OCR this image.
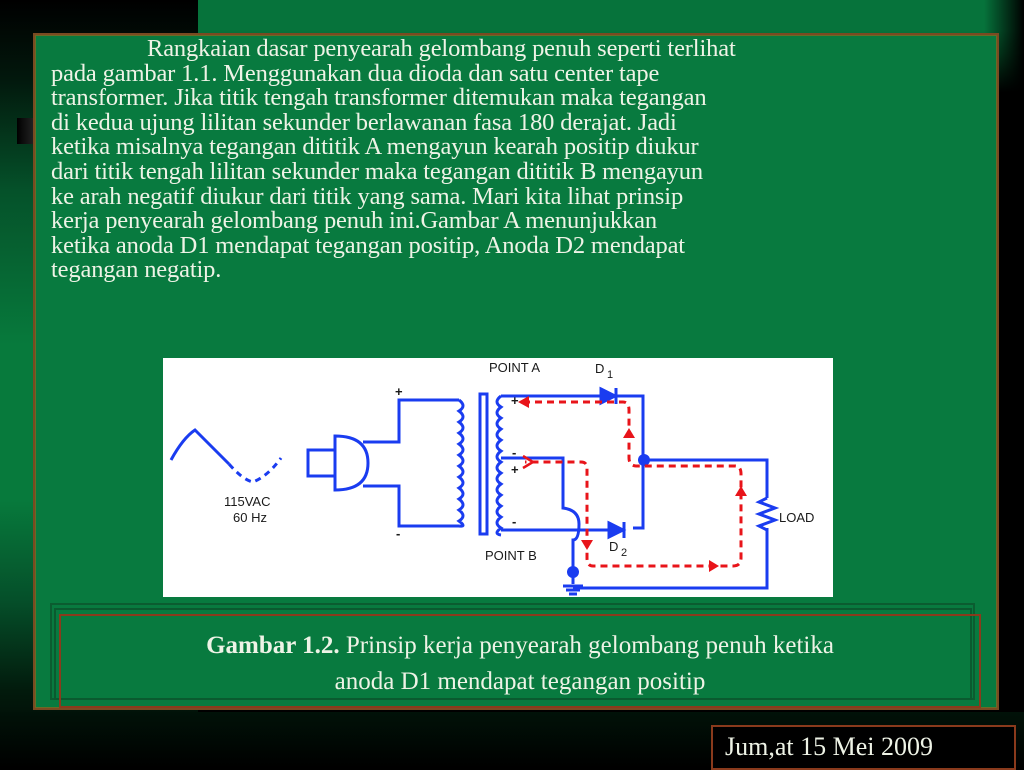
Rangkaian dasar penyearah gelombang penuh seperti terlihat
pada gambar 1.1. Menggunakan dua dioda dan satu center tape
transformer. Jika titik tengah transformer ditemukan maka tegangan
di kedua ujung lilitan sekunder berlawanan fasa 180 derajat. Jadi
ketika misalnya tegangan dititik A mengayun kearah positip diukur
dari titik tengah lilitan sekunder maka tegangan dititik B mengayun
ke arah negatif diukur dari titik yang sama. Mari kita lihat prinsip
kerja penyearah gelombang penuh ini.Gambar A menunjukkan
ketika anoda D1 mendapat tegangan positip, Anoda D2 mendapat
tegangan negatip.
115VAC
60 Hz
POINT A
POINT B
D 1
D 2
LOAD
+
-
+
-
+
-
Gambar 1.2. Prinsip kerja penyearah gelombang penuh ketika
anoda D1 mendapat tegangan positip
Jum,at 15 Mei 2009
